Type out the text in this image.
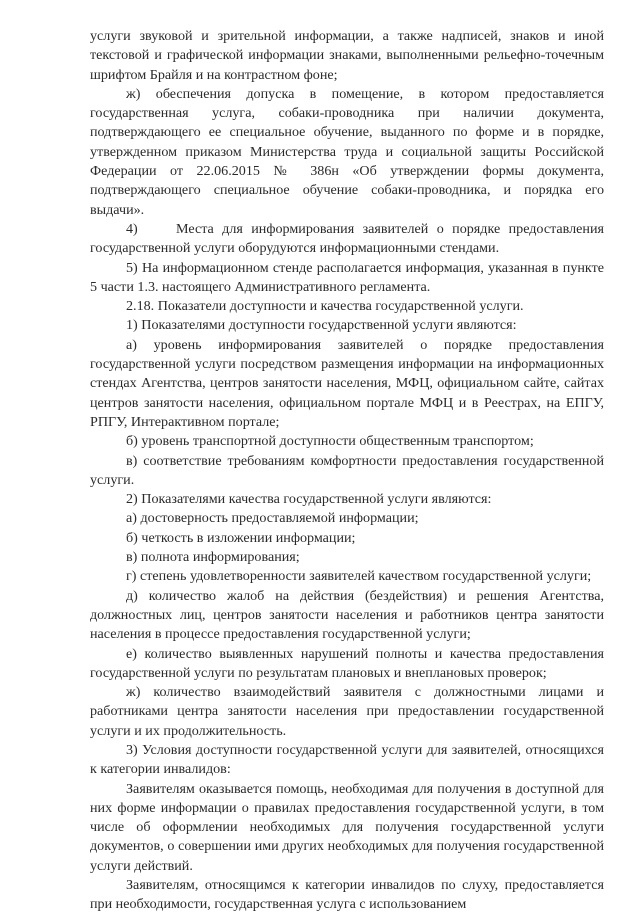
услуги звуковой и зрительной информации, а также надписей, знаков и иной текстовой и графической информации знаками, выполненными рельефно-точечным шрифтом Брайля и на контрастном фоне;

ж) обеспечения допуска в помещение, в котором предоставляется государственная услуга, собаки-проводника при наличии документа, подтверждающего ее специальное обучение, выданного по форме и в порядке, утвержденном приказом Министерства труда и социальной защиты Российской Федерации от 22.06.2015 № 386н «Об утверждении формы документа, подтверждающего специальное обучение собаки-проводника, и порядка его выдачи».

4)	Места для информирования заявителей о порядке предоставления государственной услуги оборудуются информационными стендами.

5) На информационном стенде располагается информация, указанная в пункте 5 части 1.3. настоящего Административного регламента.

2.18. Показатели доступности и качества государственной услуги.

1) Показателями доступности государственной услуги являются:

а) уровень информирования заявителей о порядке предоставления государственной услуги посредством размещения информации на информационных стендах Агентства, центров занятости населения, МФЦ, официальном сайте, сайтах центров занятости населения, официальном портале МФЦ и в Реестрах, на ЕПГУ, РПГУ, Интерактивном портале;

б) уровень транспортной доступности общественным транспортом;

в) соответствие требованиям комфортности предоставления государственной услуги.

2) Показателями качества государственной услуги являются:

а) достоверность предоставляемой информации;

б) четкость в изложении информации;

в) полнота информирования;

г) степень удовлетворенности заявителей качеством государственной услуги;

д) количество жалоб на действия (бездействия) и решения Агентства, должностных лиц, центров занятости населения и работников центра занятости населения в процессе предоставления государственной услуги;

е) количество выявленных нарушений полноты и качества предоставления государственной услуги по результатам плановых и внеплановых проверок;

ж) количество взаимодействий заявителя с должностными лицами и работниками центра занятости населения при предоставлении государственной услуги и их продолжительность.

3) Условия доступности государственной услуги для заявителей, относящихся к категории инвалидов:

Заявителям оказывается помощь, необходимая для получения в доступной для них форме информации о правилах предоставления государственной услуги, в том числе об оформлении необходимых для получения государственной услуги документов, о совершении ими других необходимых для получения государственной услуги действий.

Заявителям, относящимся к категории инвалидов по слуху, предоставляется при необходимости, государственная услуга с использованием
